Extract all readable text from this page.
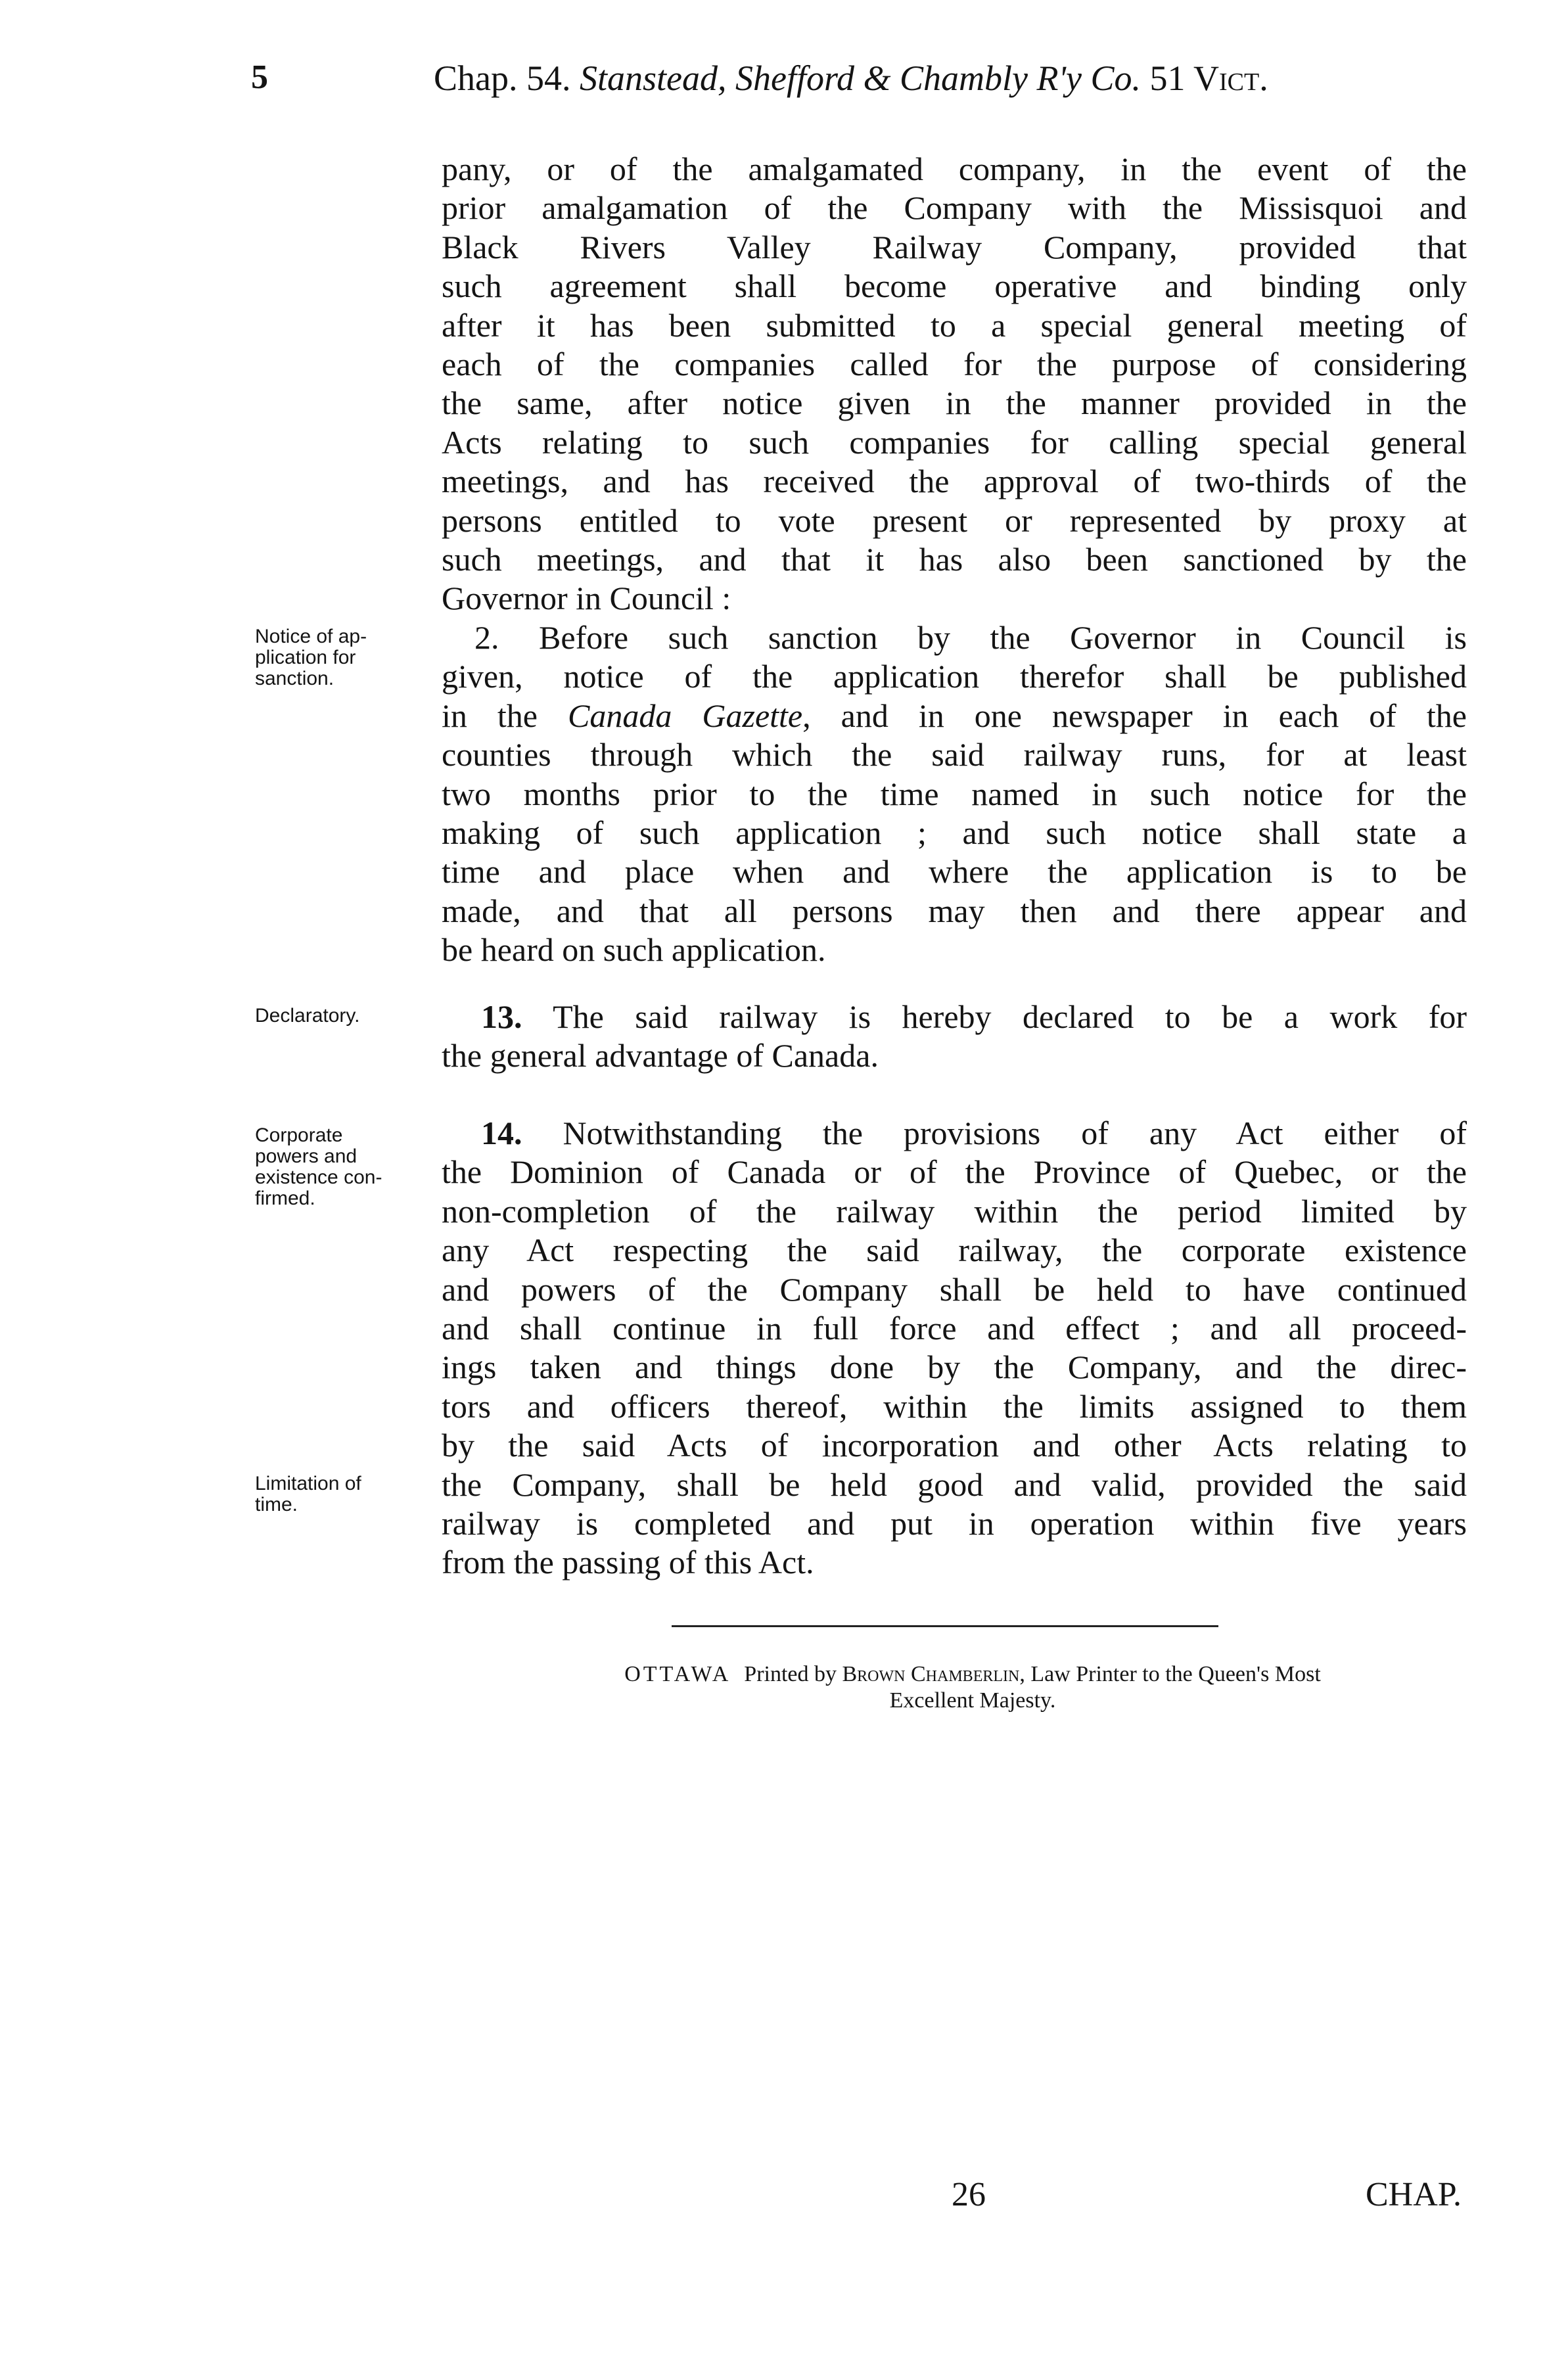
5	Chap. 54. Stanstead, Shefford & Chambly R'y Co. 51 Vict.
pany, or of the amalgamated company, in the event of the
prior amalgamation of the Company with the Missisquoi and
Black Rivers Valley Railway Company, provided that
such agreement shall become operative and binding only
after it has been submitted to a special general meeting of
each of the companies called for the purpose of considering
the same, after notice given in the manner provided in the
Acts relating to such companies for calling special general
meetings, and has received the approval of two-thirds of the
persons entitled to vote present or represented by proxy at
such meetings, and that it has also been sanctioned by the
Governor in Council :
Notice of ap-
plication for
sanction.
2. Before such sanction by the Governor in Council is
given, notice of the application therefor shall be published
in the Canada Gazette, and in one newspaper in each of the
counties through which the said railway runs, for at least
two months prior to the time named in such notice for the
making of such application ; and such notice shall state a
time and place when and where the application is to be
made, and that all persons may then and there appear and
be heard on such application.
Declaratory.	13. The said railway is hereby declared to be a work for
the general advantage of Canada.
Corporate
powers and
existence con-
firmed.
Limitation of
time.
14. Notwithstanding the provisions of any Act either of
the Dominion of Canada or of the Province of Quebec, or the
non-completion of the railway within the period limited by
any Act respecting the said railway, the corporate existence
and powers of the Company shall be held to have continued
and shall continue in full force and effect ; and all proceed-
ings taken and things done by the Company, and the direc-
tors and officers thereof, within the limits assigned to them
by the said Acts of incorporation and other Acts relating to
the Company, shall be held good and valid, provided the said
railway is completed and put in operation within five years
from the passing of this Act.
OTTAWA Printed by Brown Chamberlin, Law Printer to the Queen's Most
Excellent Majesty.
26	CHAP.
